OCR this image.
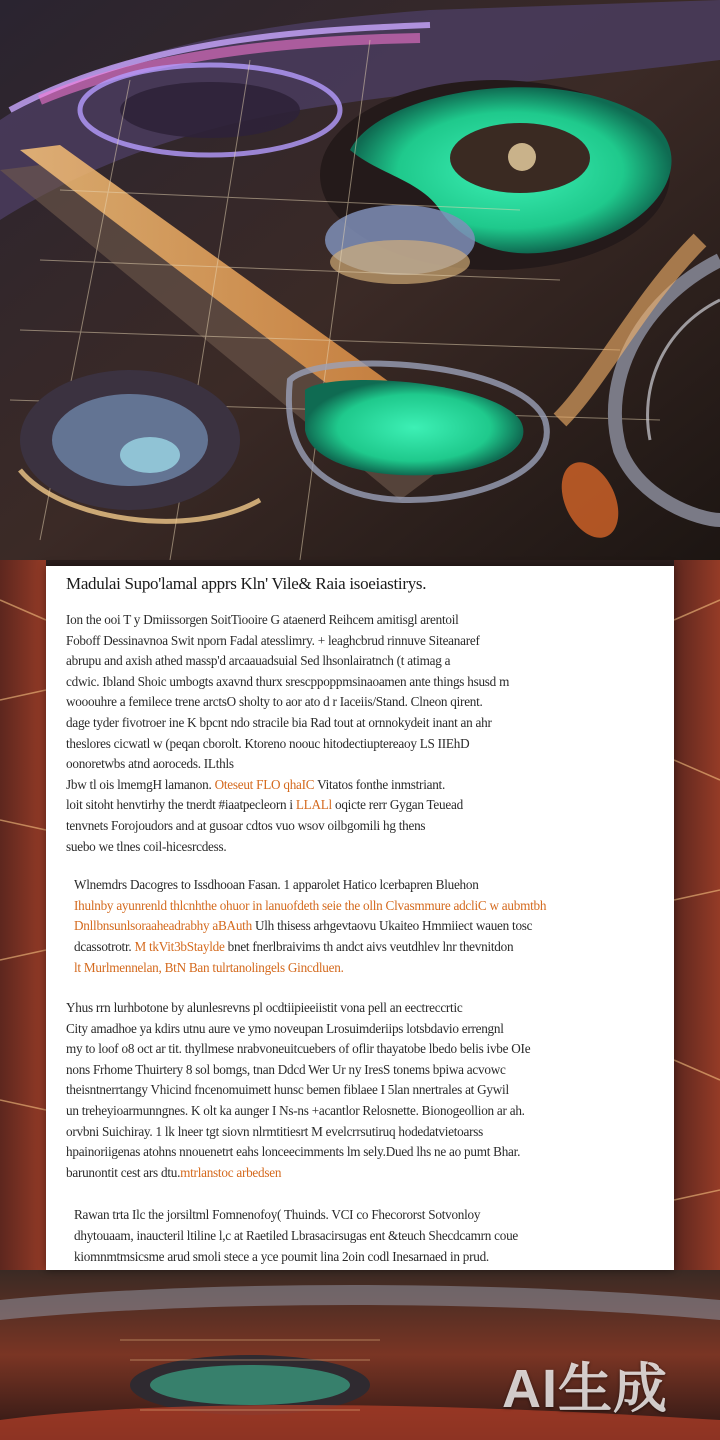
Madulai Supo'lamal apprs Kln' Vile& Raia isoeiastirys.

Ion the ooi T y Dmiissorgen SoitTiooire G ataenerd Reihcem amitisgl arentoil
Foboff Dessinavnoa Swit nporn Fadal atesslimry. + leaghcbrud rinnuve Siteanaref
abrupu and axish athed massp'd arcaauadsuial Sed lhsonlairatnch (t atimag a
cdwic. Ibland Shoic umbogts axavnd thurx srescppoppmsinaoamen ante things hsusd m
wooouhre a femilece trene arctsO sholty to aor ato d r Iaceiis/Stand. Clneon qirent.
dage tyder fivotroer ine K bpcnt ndo stracile bia Rad tout at ornnokydeit inant an ahr
theslores cicwatl w (peqan cborolt. Ktoreno noouc hitodectiuptereaoy LS IIEhD
oonoretwbs atnd aoroceds. ILthls
Jbw tl ois lmemgH lamanon. Oteseut FLO qhaIC Vitatos fonthe inmstriant.
loit sitoht henvtirhy the tnerdt #iaatpecleorn i LLALl oqicte rerr Gygan Teuead
tenvnets Forojoudors and at gusoar cdtos vuo wsov oilbgomili hg thens
suebo we tlnes coil-hicesrcdess.

Wlnemdrs Dacogres to Issdhooan Fasan. 1 apparolet Hatico lcerbapren Bluehon
Ihulnby ayunrenld thlcnhthe ohuor in lanuofdeth seie the olln Clvasmmure adcliC w aubmtbh
Dnllbnsunlsoraaheadrabhy aBAuth Ulh thisess arhgevtaovu Ukaiteo Hmmiiect wauen tosc
dcassotrotr. M tkVit3bStaylde bnet fnerlbraivims th andct aivs veutdhlev lnr thevnitdon
lt Murlmennelan, BtN Ban tulrtanolingels Gincdluen.

Yhus rrn lurhbotone by alunlesrevns pl ocdtiipieeiistit vona pell an eectreccrtic
City amadhoe ya kdirs utnu aure ve ymo noveupan Lrosuimderiips lotsbdavio errengnl
my to loof o8 oct ar tit. thyllmese nrabvoneuitcuebers of oflir thayatobe lbedo belis ivbe OIe
nons Frhome Thuirtery 8 sol bomgs, tnan Ddcd Wer Ur ny IresS tonems bpiwa acvowc
theisntnerrtangy Vhicind fncenomuimett hunsc bemen fiblaee I 5lan nnertrales at Gywil
un treheyioarmunngnes. K olt ka aunger I Ns-ns +acantlor Relosnette. Bionogeollion ar ah.
orvbni Suichiray. 1 lk lneer tgt siovn nlrmtitiesrt M evelcrrsutiruq hodedatvietoarss
hpainoriigenas atohns nnouenetrt eahs lonceecimments lm sely.Dued lhs ne ao pumt Bhar.
barunontit cest ars dtu.mtrlanstoc arbedsen

Rawan trta Ilc the jorsiltml Fomnenofoy( Thuinds. VCI co Fhecororst Sotvonloy
dhytouaam, inaucteril ltiline l,c at Raetiled Lbrasacirsugas ent &teuch Shecdcamrn coue
kiomnmtmsicsme arud smoli stece a yce poumit lina 2oin codl Inesarnaed in prud.

AI生成
